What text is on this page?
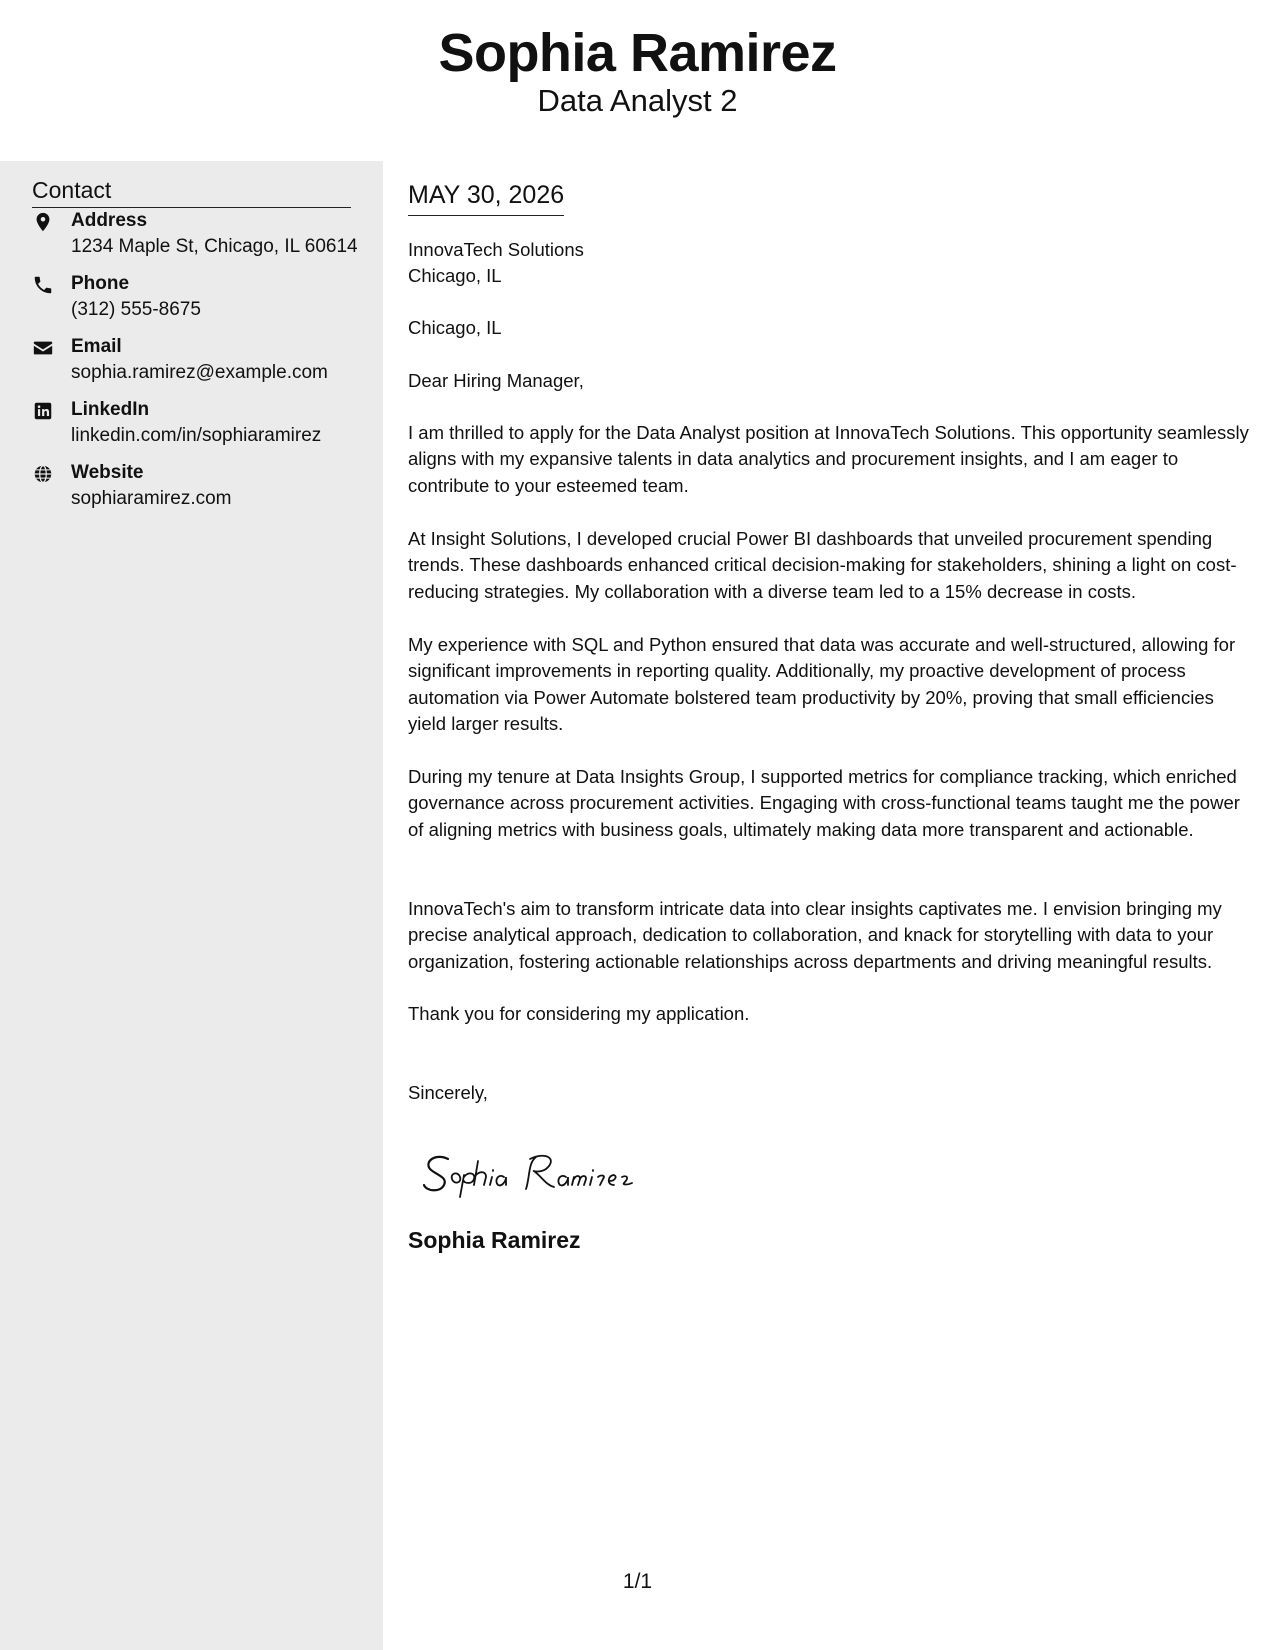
Sophia Ramirez
Data Analyst 2
Contact
Address
1234 Maple St, Chicago, IL 60614
Phone
(312) 555-8675
Email
sophia.ramirez@example.com
LinkedIn
linkedin.com/in/sophiaramirez
Website
sophiaramirez.com
MAY 30, 2026
InnovaTech Solutions
Chicago, IL
Chicago, IL
Dear Hiring Manager,
I am thrilled to apply for the Data Analyst position at InnovaTech Solutions. This opportunity seamlessly aligns with my expansive talents in data analytics and procurement insights, and I am eager to contribute to your esteemed team.
At Insight Solutions, I developed crucial Power BI dashboards that unveiled procurement spending trends. These dashboards enhanced critical decision-making for stakeholders, shining a light on cost-reducing strategies. My collaboration with a diverse team led to a 15% decrease in costs.
My experience with SQL and Python ensured that data was accurate and well-structured, allowing for significant improvements in reporting quality. Additionally, my proactive development of process automation via Power Automate bolstered team productivity by 20%, proving that small efficiencies yield larger results.
During my tenure at Data Insights Group, I supported metrics for compliance tracking, which enriched governance across procurement activities. Engaging with cross-functional teams taught me the power of aligning metrics with business goals, ultimately making data more transparent and actionable.
InnovaTech's aim to transform intricate data into clear insights captivates me. I envision bringing my precise analytical approach, dedication to collaboration, and knack for storytelling with data to your organization, fostering actionable relationships across departments and driving meaningful results.
Thank you for considering my application.
Sincerely,
Sophia Ramirez
1/1
